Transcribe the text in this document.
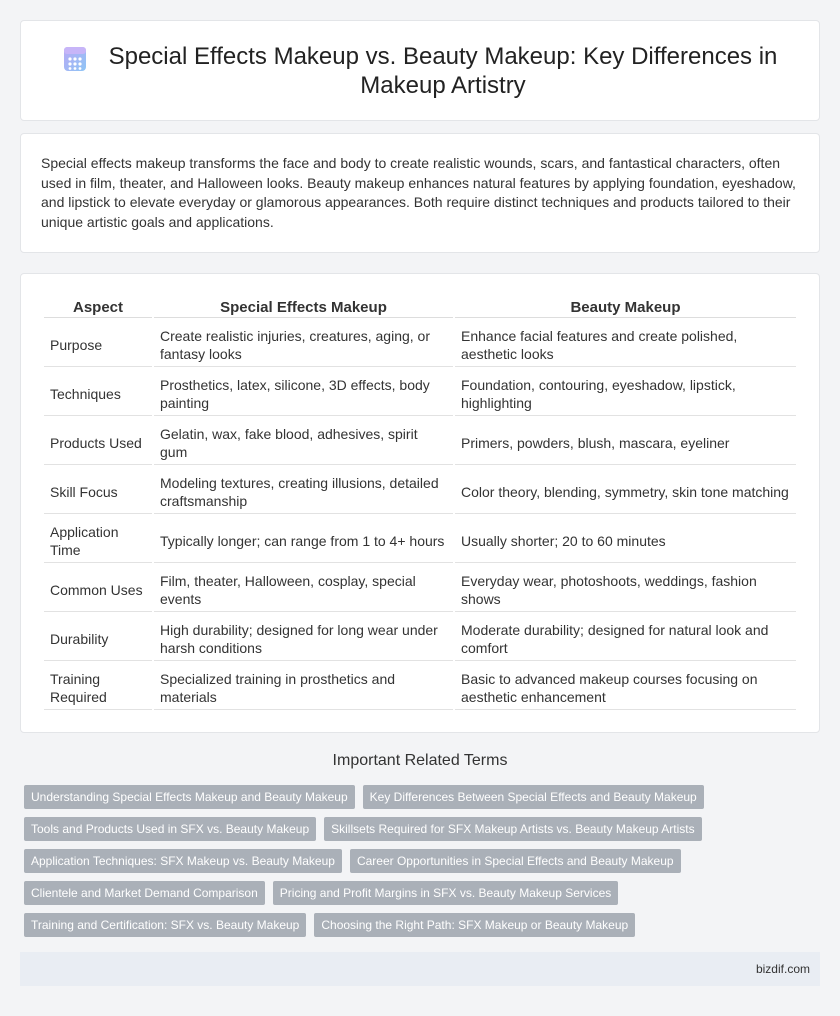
Special Effects Makeup vs. Beauty Makeup: Key Differences in Makeup Artistry

Special effects makeup transforms the face and body to create realistic wounds, scars, and fantastical characters, often used in film, theater, and Halloween looks. Beauty makeup enhances natural features by applying foundation, eyeshadow, and lipstick to elevate everyday or glamorous appearances. Both require distinct techniques and products tailored to their unique artistic goals and applications.

Aspect	Special Effects Makeup	Beauty Makeup
Purpose	Create realistic injuries, creatures, aging, or fantasy looks	Enhance facial features and create polished, aesthetic looks
Techniques	Prosthetics, latex, silicone, 3D effects, body painting	Foundation, contouring, eyeshadow, lipstick, highlighting
Products Used	Gelatin, wax, fake blood, adhesives, spirit gum	Primers, powders, blush, mascara, eyeliner
Skill Focus	Modeling textures, creating illusions, detailed craftsmanship	Color theory, blending, symmetry, skin tone matching
Application Time	Typically longer; can range from 1 to 4+ hours	Usually shorter; 20 to 60 minutes
Common Uses	Film, theater, Halloween, cosplay, special events	Everyday wear, photoshoots, weddings, fashion shows
Durability	High durability; designed for long wear under harsh conditions	Moderate durability; designed for natural look and comfort
Training Required	Specialized training in prosthetics and materials	Basic to advanced makeup courses focusing on aesthetic enhancement
Important Related Terms
Understanding Special Effects Makeup and Beauty Makeup	Key Differences Between Special Effects and Beauty Makeup
Tools and Products Used in SFX vs. Beauty Makeup	Skillsets Required for SFX Makeup Artists vs. Beauty Makeup Artists
Application Techniques: SFX Makeup vs. Beauty Makeup	Career Opportunities in Special Effects and Beauty Makeup
Clientele and Market Demand Comparison	Pricing and Profit Margins in SFX vs. Beauty Makeup Services
Training and Certification: SFX vs. Beauty Makeup	Choosing the Right Path: SFX Makeup or Beauty Makeup
bizdif.com
